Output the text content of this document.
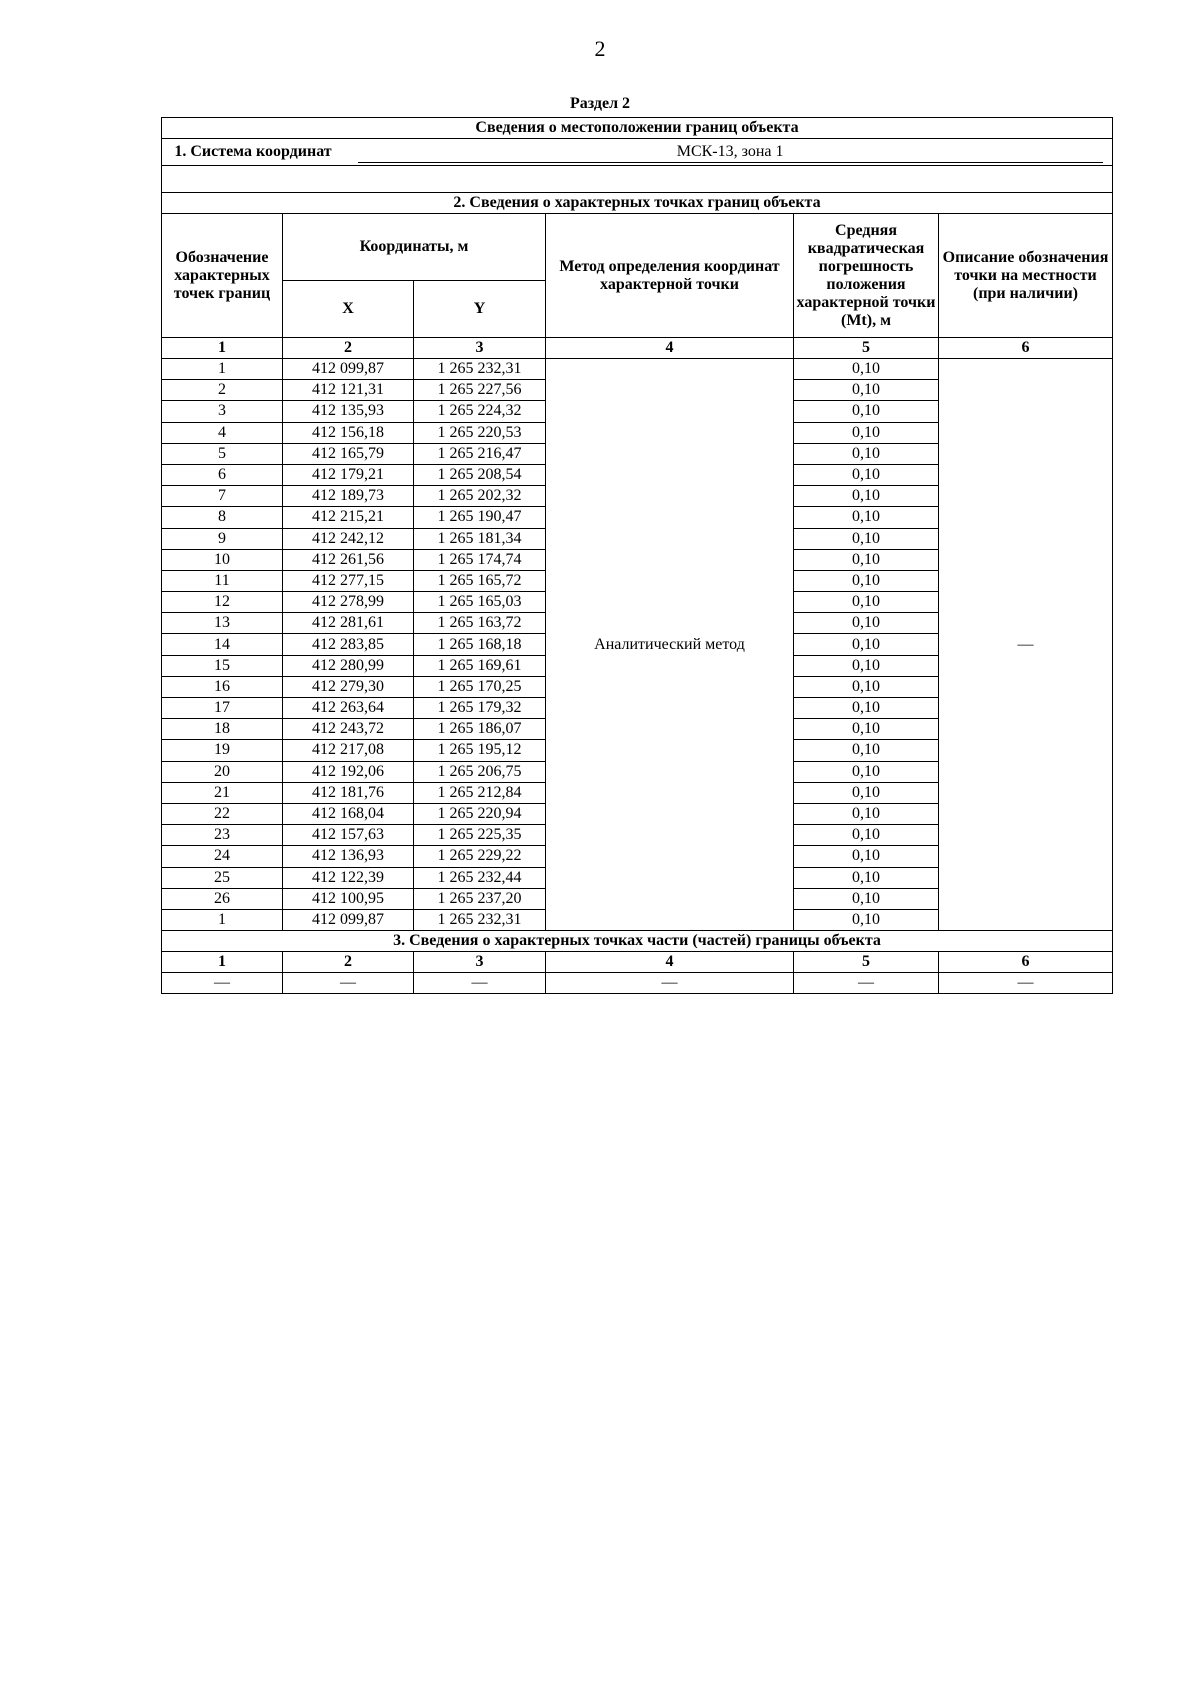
2
Раздел 2
Сведения о местоположении границ объекта					
1. Система координат МСК-13, зона 1					

2. Сведения о характерных точках границ объекта					
Обозначение характерных точек границ	Координаты, м		Метод определения координат характерной точки	Средняя квадратическая погрешность положения характерной точки (Mt), м	Описание обозначения точки на местности (при наличии)
	X	Y			
1	2	3	4	5	6
1	412 099,87	1 265 232,31	Аналитический метод	0,10	—
2	412 121,31	1 265 227,56		0,10	
3	412 135,93	1 265 224,32		0,10	
4	412 156,18	1 265 220,53		0,10	
5	412 165,79	1 265 216,47		0,10	
6	412 179,21	1 265 208,54		0,10	
7	412 189,73	1 265 202,32		0,10	
8	412 215,21	1 265 190,47		0,10	
9	412 242,12	1 265 181,34		0,10	
10	412 261,56	1 265 174,74		0,10	
11	412 277,15	1 265 165,72		0,10	
12	412 278,99	1 265 165,03		0,10	
13	412 281,61	1 265 163,72		0,10	
14	412 283,85	1 265 168,18		0,10	
15	412 280,99	1 265 169,61		0,10	
16	412 279,30	1 265 170,25		0,10	
17	412 263,64	1 265 179,32		0,10	
18	412 243,72	1 265 186,07		0,10	
19	412 217,08	1 265 195,12		0,10	
20	412 192,06	1 265 206,75		0,10	
21	412 181,76	1 265 212,84		0,10	
22	412 168,04	1 265 220,94		0,10	
23	412 157,63	1 265 225,35		0,10	
24	412 136,93	1 265 229,22		0,10	
25	412 122,39	1 265 232,44		0,10	
26	412 100,95	1 265 237,20		0,10	
1	412 099,87	1 265 232,31		0,10	
3. Сведения о характерных точках части (частей) границы объекта					
1	2	3	4	5	6
—	—	—	—	—	—
